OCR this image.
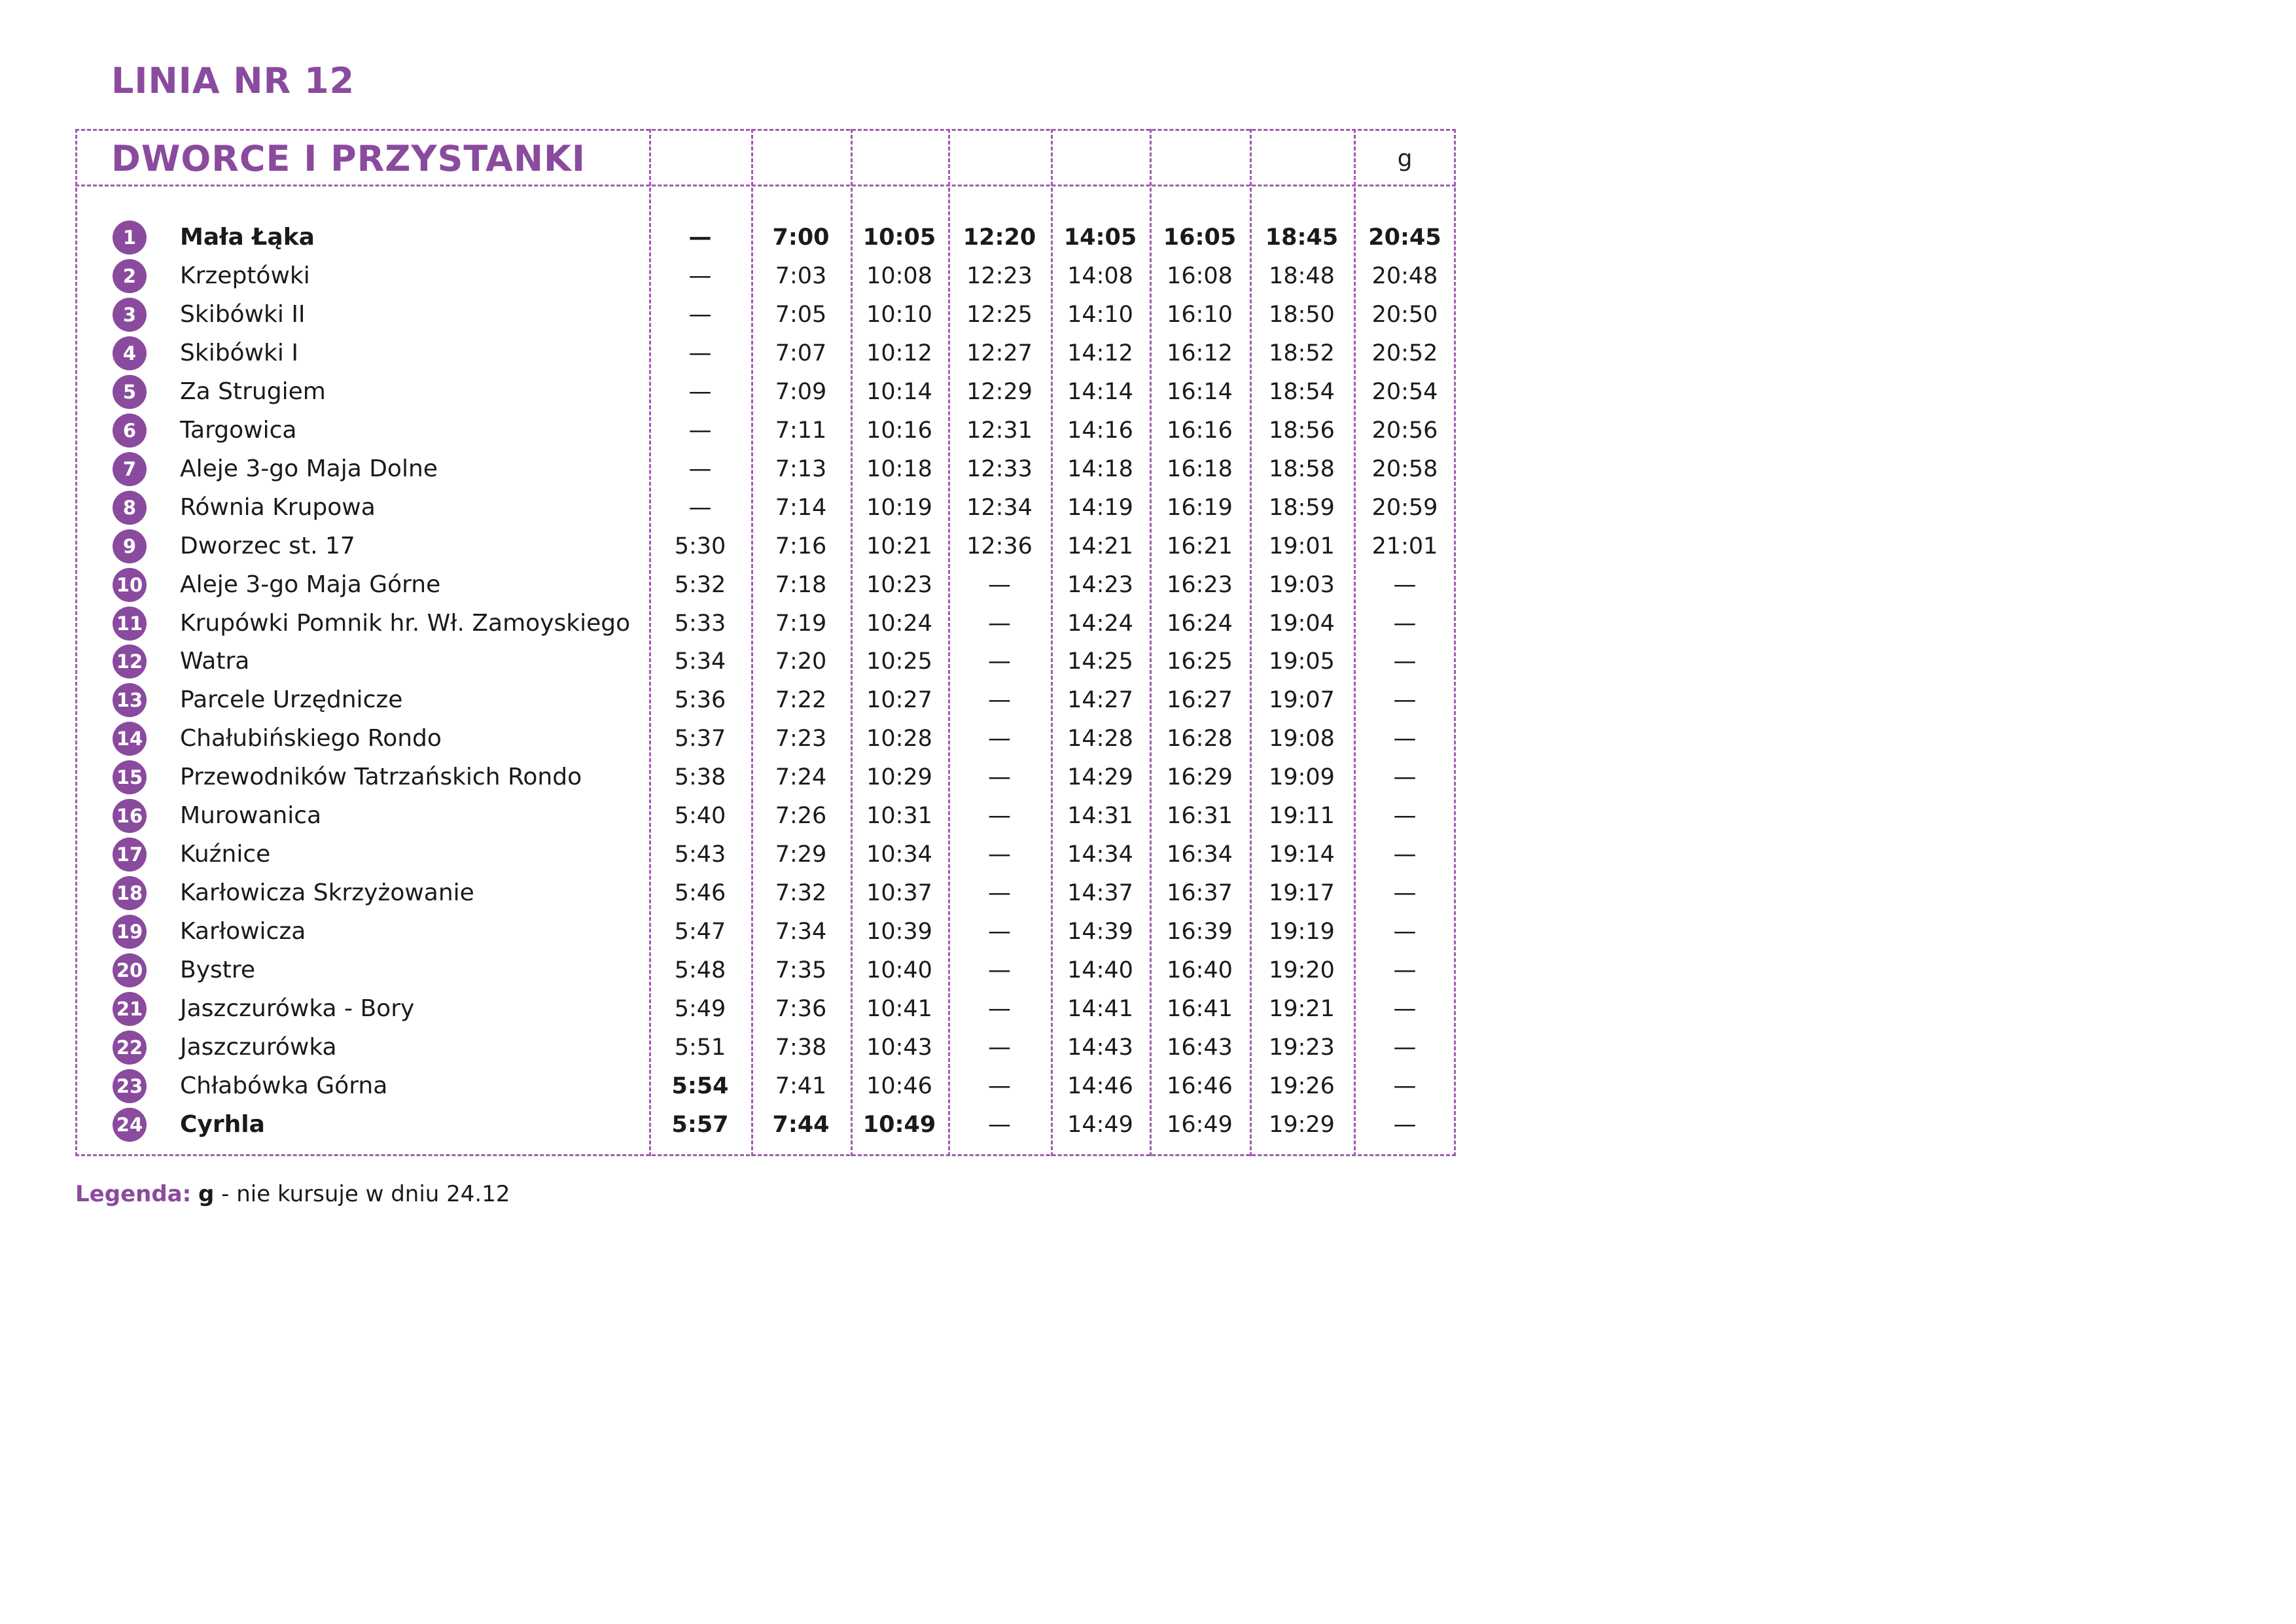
LINIA NR 12
DWORCE I PRZYSTANKI	g
1	Mała Łąka	—	7:00	10:05	12:20	14:05	16:05	18:45	20:45
2	Krzeptówki	—	7:03	10:08	12:23	14:08	16:08	18:48	20:48
3	Skibówki II	—	7:05	10:10	12:25	14:10	16:10	18:50	20:50
4	Skibówki I	—	7:07	10:12	12:27	14:12	16:12	18:52	20:52
5	Za Strugiem	—	7:09	10:14	12:29	14:14	16:14	18:54	20:54
6	Targowica	—	7:11	10:16	12:31	14:16	16:16	18:56	20:56
7	Aleje 3-go Maja Dolne	—	7:13	10:18	12:33	14:18	16:18	18:58	20:58
8	Równia Krupowa	—	7:14	10:19	12:34	14:19	16:19	18:59	20:59
9	Dworzec st. 17	5:30	7:16	10:21	12:36	14:21	16:21	19:01	21:01
10 Aleje 3-go Maja Górne	5:32	7:18	10:23	—	14:23	16:23	19:03	—
11 Krupówki Pomnik hr. Wł. Zamoyskiego	5:33	7:19	10:24	—	14:24	16:24	19:04	—
12 Watra	5:34	7:20	10:25	—	14:25	16:25	19:05	—
13 Parcele Urzędnicze	5:36	7:22	10:27	—	14:27	16:27	19:07	—
14 Chałubińskiego Rondo	5:37	7:23	10:28	—	14:28	16:28	19:08	—
15 Przewodników Tatrzańskich Rondo	5:38	7:24	10:29	—	14:29	16:29	19:09	—
16 Murowanica	5:40	7:26	10:31	—	14:31	16:31	19:11	—
17 Kuźnice	5:43	7:29	10:34	—	14:34	16:34	19:14	—
18 Karłowicza Skrzyżowanie	5:46	7:32	10:37	—	14:37	16:37	19:17	—
19 Karłowicza	5:47	7:34	10:39	—	14:39	16:39	19:19	—
20 Bystre	5:48	7:35	10:40	—	14:40	16:40	19:20	—
21 Jaszczurówka - Bory	5:49	7:36	10:41	—	14:41	16:41	19:21	—
22 Jaszczurówka	5:51	7:38	10:43	—	14:43	16:43	19:23	—
23 Chłabówka Górna	5:54	7:41	10:46	—	14:46	16:46	19:26	—
24 Cyrhla	5:57	7:44	10:49	—	14:49	16:49	19:29	—
Legenda: g - nie kursuje w dniu 24.12
